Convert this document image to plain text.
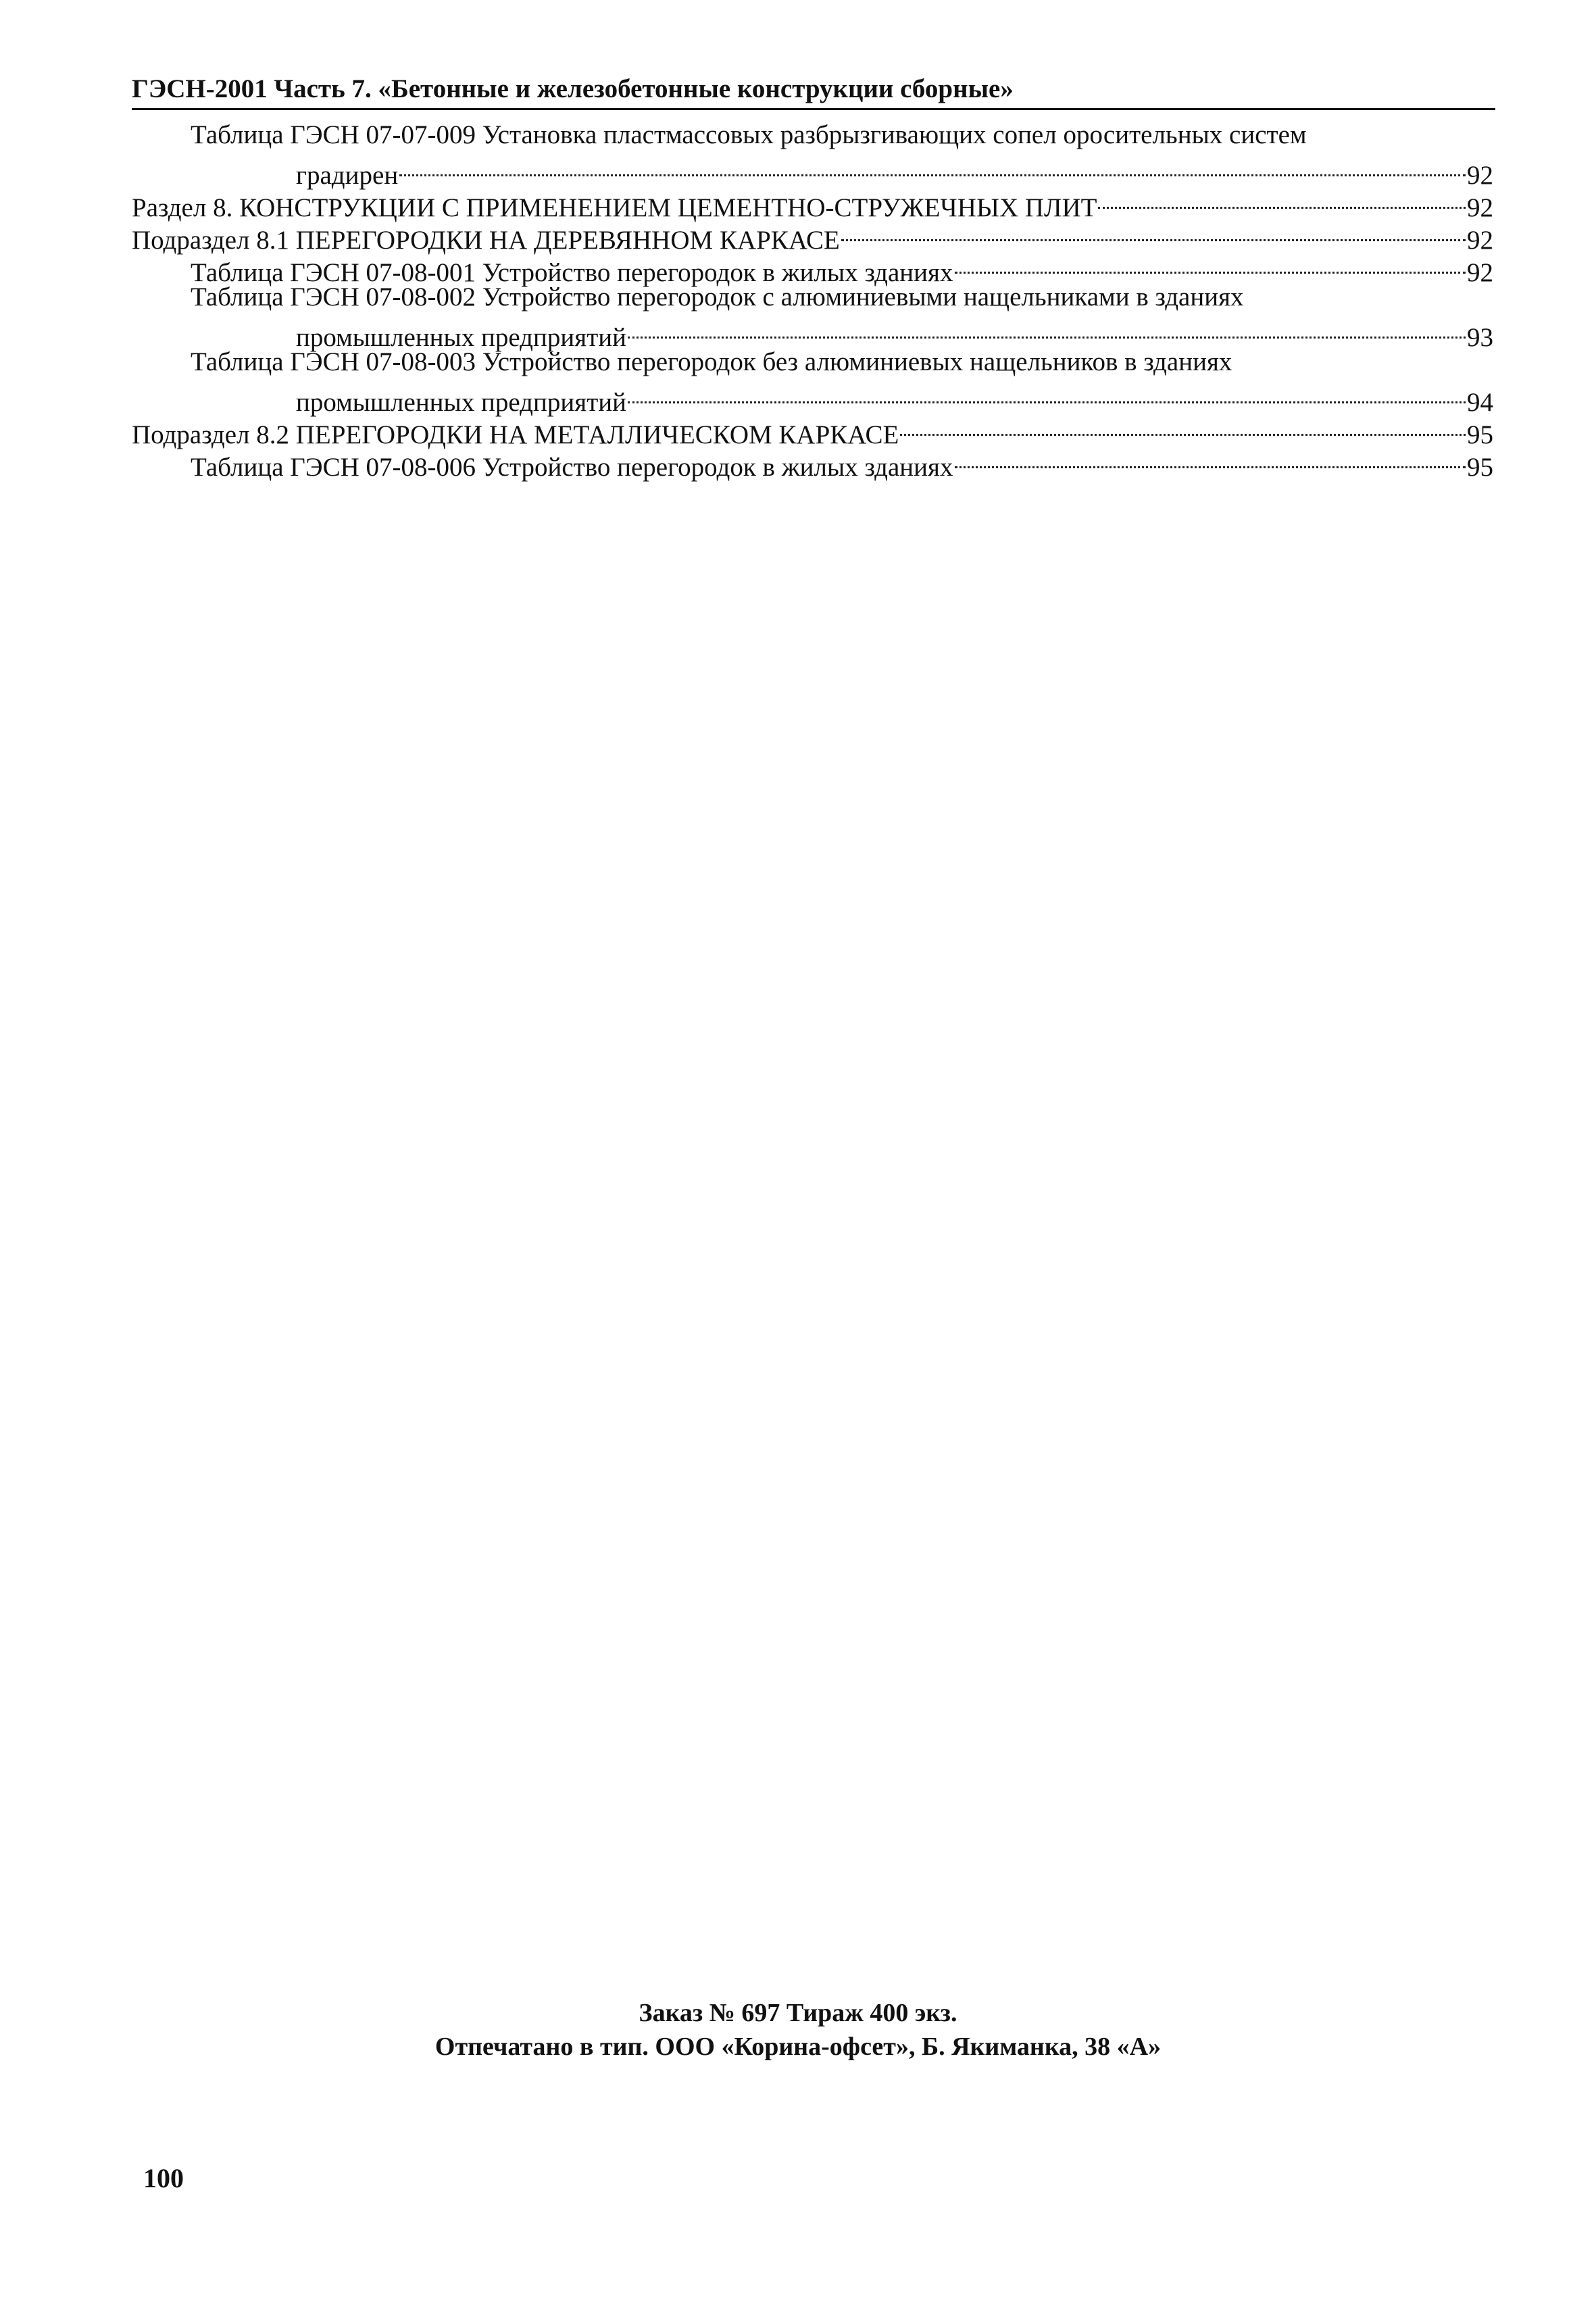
ГЭСН-2001 Часть 7. «Бетонные и железобетонные конструкции сборные»
Таблица ГЭСН 07-07-009 Установка пластмассовых разбрызгивающих сопел оросительных систем
градирен	92
Раздел 8. КОНСТРУКЦИИ С ПРИМЕНЕНИЕМ ЦЕМЕНТНО-СТРУЖЕЧНЫХ ПЛИТ	92
Подраздел 8.1 ПЕРЕГОРОДКИ НА ДЕРЕВЯННОМ КАРКАСЕ	92
Таблица ГЭСН 07-08-001 Устройство перегородок в жилых зданиях	92
Таблица ГЭСН 07-08-002 Устройство перегородок с алюминиевыми нащельниками в зданиях
промышленных предприятий	93
Таблица ГЭСН 07-08-003 Устройство перегородок без алюминиевых нащельников в зданиях
промышленных предприятий	94
Подраздел 8.2 ПЕРЕГОРОДКИ НА МЕТАЛЛИЧЕСКОМ КАРКАСЕ	95
Таблица ГЭСН 07-08-006 Устройство перегородок в жилых зданиях	95
Заказ № 697 Тираж 400 экз.
Отпечатано в тип. ООО «Корина-офсет», Б. Якиманка, 38 «А»
100
